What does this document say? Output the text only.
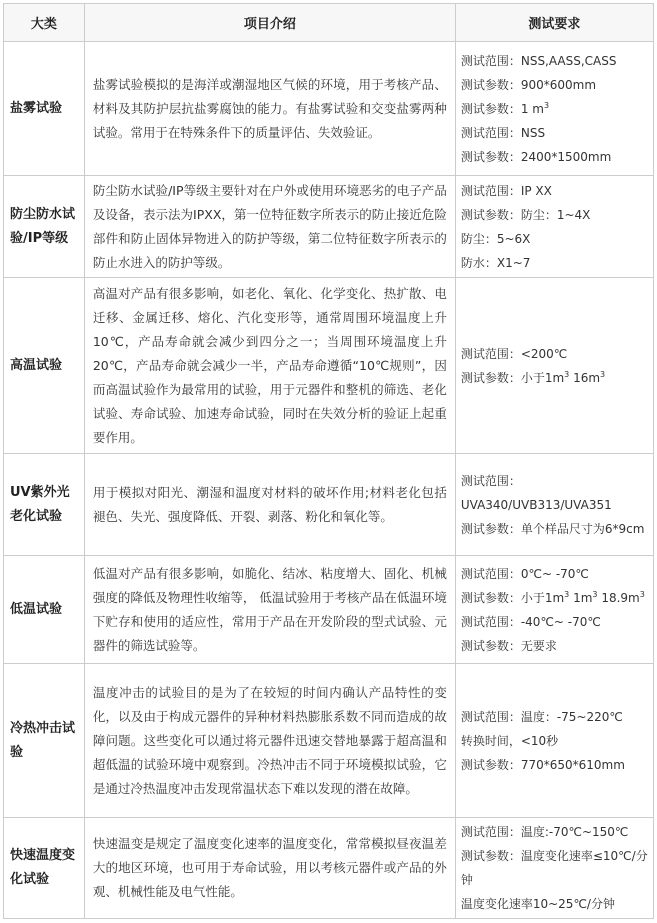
大类	项目介绍	测试要求
盐雾试验	盐雾试验模拟的是海洋或潮湿地区气候的环境，用于考核产品、材料及其防护层抗盐雾腐蚀的能力。有盐雾试验和交变盐雾两种试验。常用于在特殊条件下的质量评估、失效验证。	测试范围：NSS,AASS,CASS
测试参数：900*600mm
测试参数：1 $m^3$
测试范围：NSS
测试参数：2400*1500mm

防尘防水试验/IP等级	防尘防水试验/IP等级主要针对在户外或使用环境恶劣的电子产品及设备，表示法为IPXX，第一位特征数字所表示的防止接近危险部件和防止固体异物进入的防护等级，第二位特征数字所表示的防止水进入的防护等级。	测试范围：IP XX
测试参数：防尘：1~4X
防尘：5~6X
防水：X1~7

高温试验	高温对产品有很多影响，如老化、氧化、化学变化、热扩散、电迁移、金属迁移、熔化、汽化变形等，通常周围环境温度上升10℃，产品寿命就会减少到四分之一；当周围环境温度上升20℃，产品寿命就会减少一半，产品寿命遵循“10℃规则”，因而高温试验作为最常用的试验，用于元器件和整机的筛选、老化试验、寿命试验、加速寿命试验，同时在失效分析的验证上起重要作用。	测试范围：<200℃
测试参数：小于$1m^3$ $16m^3$

UV紫外光老化试验	用于模拟对阳光、潮湿和温度对材料的破坏作用;材料老化包括褪色、失光、强度降低、开裂、剥落、粉化和氧化等。	测试范围：UVA340/UVB313/UVA351
测试参数：单个样品尺寸为6*9cm

低温试验	低温对产品有很多影响，如脆化、结冰、粘度增大、固化、机械强度的降低及物理性收缩等， 低温试验用于考核产品在低温环境下贮存和使用的适应性，常用于产品在开发阶段的型式试验、元器件的筛选试验等。	测试范围：0℃~ -70℃
测试参数：小于$1m^3$ $1m^3$ $18.9m^3$
测试范围：-40℃~ -70℃
测试参数：无要求

冷热冲击试验	温度冲击的试验目的是为了在较短的时间内确认产品特性的变化，以及由于构成元器件的异种材料热膨胀系数不同而造成的故障问题。这些变化可以通过将元器件迅速交替地暴露于超高温和超低温的试验环境中观察到。冷热冲击不同于环境模拟试验，它是通过冷热温度冲击发现常温状态下难以发现的潜在故障。	测试范围：温度：-75~220℃
转换时间，<10秒
测试参数：770*650*610mm

快速温度变化试验	快速温变是规定了温度变化速率的温度变化，常常模拟昼夜温差大的地区环境，也可用于寿命试验，用以考核元器件或产品的外观、机械性能及电气性能。	测试范围：温度:-70℃~150℃
测试参数：温度变化速率≤10℃/分钟
温度变化速率10~25℃/分钟
